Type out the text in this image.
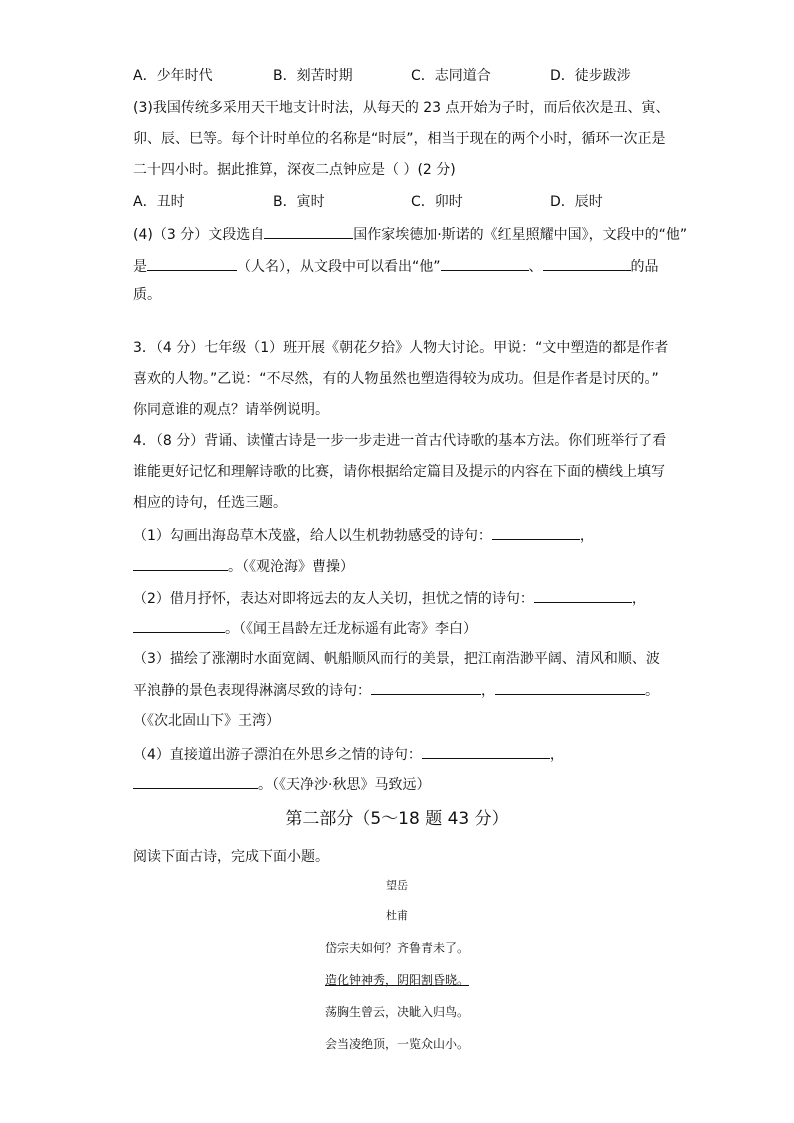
A．少年时代	B．刻苦时期	C．志同道合	D．徒步跋涉
(3)我国传统多采用天干地支计时法，从每天的 23 点开始为子时，而后依次是丑、寅、
卯、辰、巳等。每个计时单位的名称是“时辰”，相当于现在的两个小时，循环一次正是
二十四小时。据此推算，深夜二点钟应是（ ）(2 分)
A．丑时	B．寅时	C．卯时	D．辰时
(4)（3 分）文段选自	国作家埃德加·斯诺的《红星照耀中国》，文段中的“他”
是	（人名），从文段中可以看出“他”	、	的品
质。
3．（4 分）七年级（1）班开展《朝花夕拾》人物大讨论。甲说：“文中塑造的都是作者
喜欢的人物。”乙说：“不尽然，有的人物虽然也塑造得较为成功。但是作者是讨厌的。”
你同意谁的观点？请举例说明。
4．（8 分）背诵、读懂古诗是一步一步走进一首古代诗歌的基本方法。你们班举行了看
谁能更好记忆和理解诗歌的比赛，请你根据给定篇目及提示的内容在下面的横线上填写
相应的诗句，任选三题。
（1）勾画出海岛草木茂盛，给人以生机勃勃感受的诗句：	，
。（《观沧海》曹操）
（2）借月抒怀，表达对即将远去的友人关切，担忧之情的诗句：	，
。（《闻王昌龄左迁龙标遥有此寄》李白）
（3）描绘了涨潮时水面宽阔、帆船顺风而行的美景，把江南浩渺平阔、清风和顺、波
平浪静的景色表现得淋漓尽致的诗句：	，	。
（《次北固山下》王湾）
（4）直接道出游子漂泊在外思乡之情的诗句：	，
。（《天净沙·秋思》马致远）
第二部分（5～18 题 43 分）
阅读下面古诗，完成下面小题。
望岳
杜甫
岱宗夫如何？齐鲁青未了。
造化钟神秀，阴阳割昏晓。
荡胸生曾云，决眦入归鸟。
会当凌绝顶，一览众山小。
